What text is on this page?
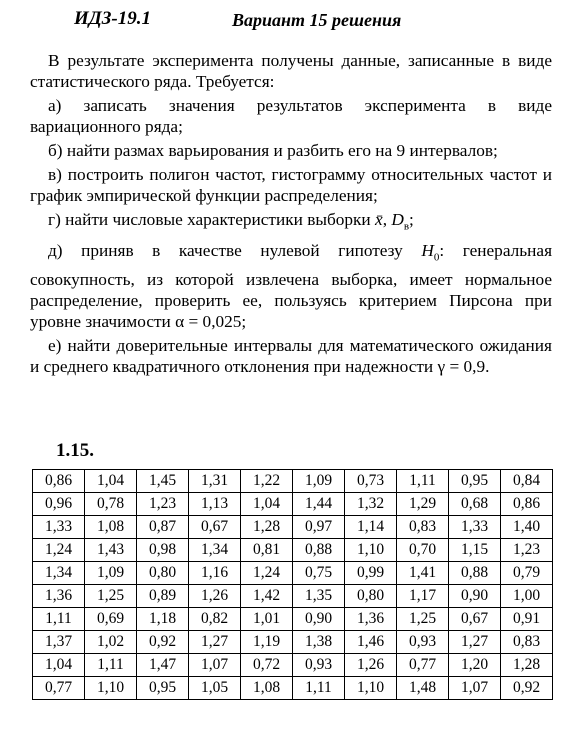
ИДЗ-19.1	Вариант 15 решения

В результате эксперимента получены данные, записанные в виде статистического ряда. Требуется:

а) записать значения результатов эксперимента в виде вариационного ряда;

б) найти размах варьирования и разбить его на 9 интервалов;

в) построить полигон частот, гистограмму относительных частот и график эмпирической функции распределения;

г) найти числовые характеристики выборки x̄, $D_в$;

д) приняв в качестве нулевой гипотезу $H_0$: генеральная совокупность, из которой извлечена выборка, имеет нормальное распределение, проверить ее, пользуясь критерием Пирсона при уровне значимости α = 0,025;

е) найти доверительные интервалы для математического ожидания и среднего квадратичного отклонения при надежности γ = 0,9.

1.15.
0,86	1,04	1,45	1,31	1,22	1,09	0,73	1,11	0,95	0,84
0,96	0,78	1,23	1,13	1,04	1,44	1,32	1,29	0,68	0,86
1,33	1,08	0,87	0,67	1,28	0,97	1,14	0,83	1,33	1,40
1,24	1,43	0,98	1,34	0,81	0,88	1,10	0,70	1,15	1,23
1,34	1,09	0,80	1,16	1,24	0,75	0,99	1,41	0,88	0,79
1,36	1,25	0,89	1,26	1,42	1,35	0,80	1,17	0,90	1,00
1,11	0,69	1,18	0,82	1,01	0,90	1,36	1,25	0,67	0,91
1,37	1,02	0,92	1,27	1,19	1,38	1,46	0,93	1,27	0,83
1,04	1,11	1,47	1,07	0,72	0,93	1,26	0,77	1,20	1,28
0,77	1,10	0,95	1,05	1,08	1,11	1,10	1,48	1,07	0,92
